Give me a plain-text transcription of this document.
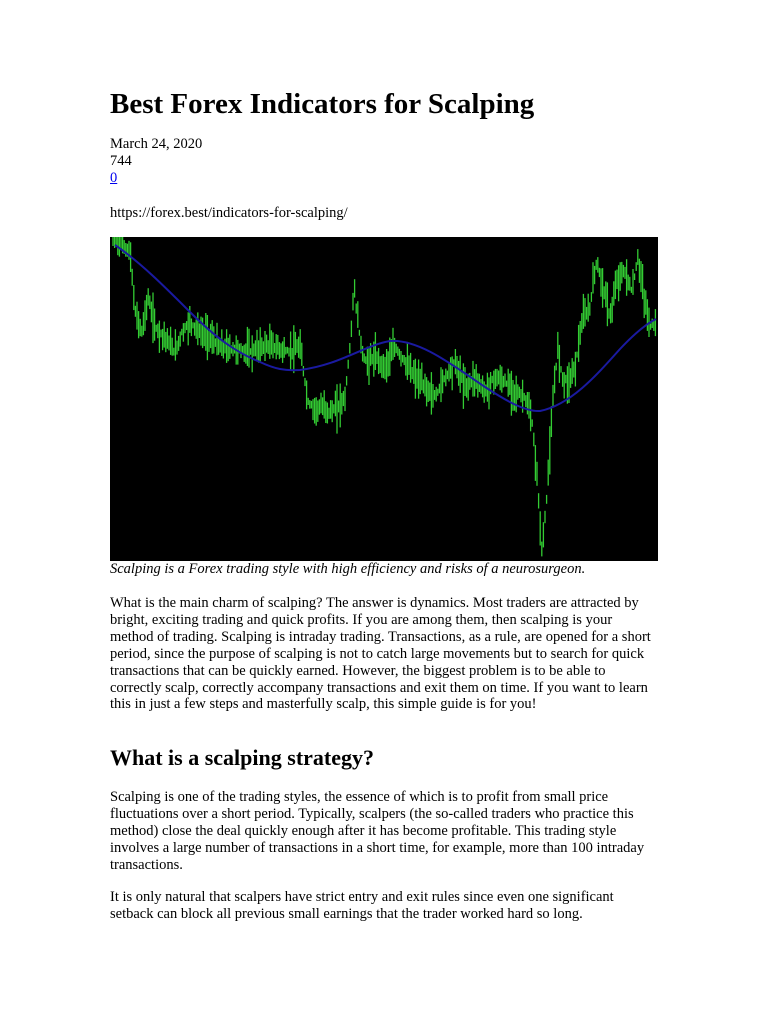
Best Forex Indicators for Scalping
March 24, 2020
744
0
https://forex.best/indicators-for-scalping/
Scalping is a Forex trading style with high efficiency and risks of a neurosurgeon.

What is the main charm of scalping? The answer is dynamics. Most traders are attracted by bright, exciting trading and quick profits. If you are among them, then scalping is your method of trading. Scalping is intraday trading. Transactions, as a rule, are opened for a short period, since the purpose of scalping is not to catch large movements but to search for quick transactions that can be quickly earned. However, the biggest problem is to be able to correctly scalp, correctly accompany transactions and exit them on time. If you want to learn this in just a few steps and masterfully scalp, this simple guide is for you!

What is a scalping strategy?

Scalping is one of the trading styles, the essence of which is to profit from small price fluctuations over a short period. Typically, scalpers (the so-called traders who practice this method) close the deal quickly enough after it has become profitable. This trading style involves a large number of transactions in a short time, for example, more than 100 intraday transactions.

It is only natural that scalpers have strict entry and exit rules since even one significant setback can block all previous small earnings that the trader worked hard so long.
